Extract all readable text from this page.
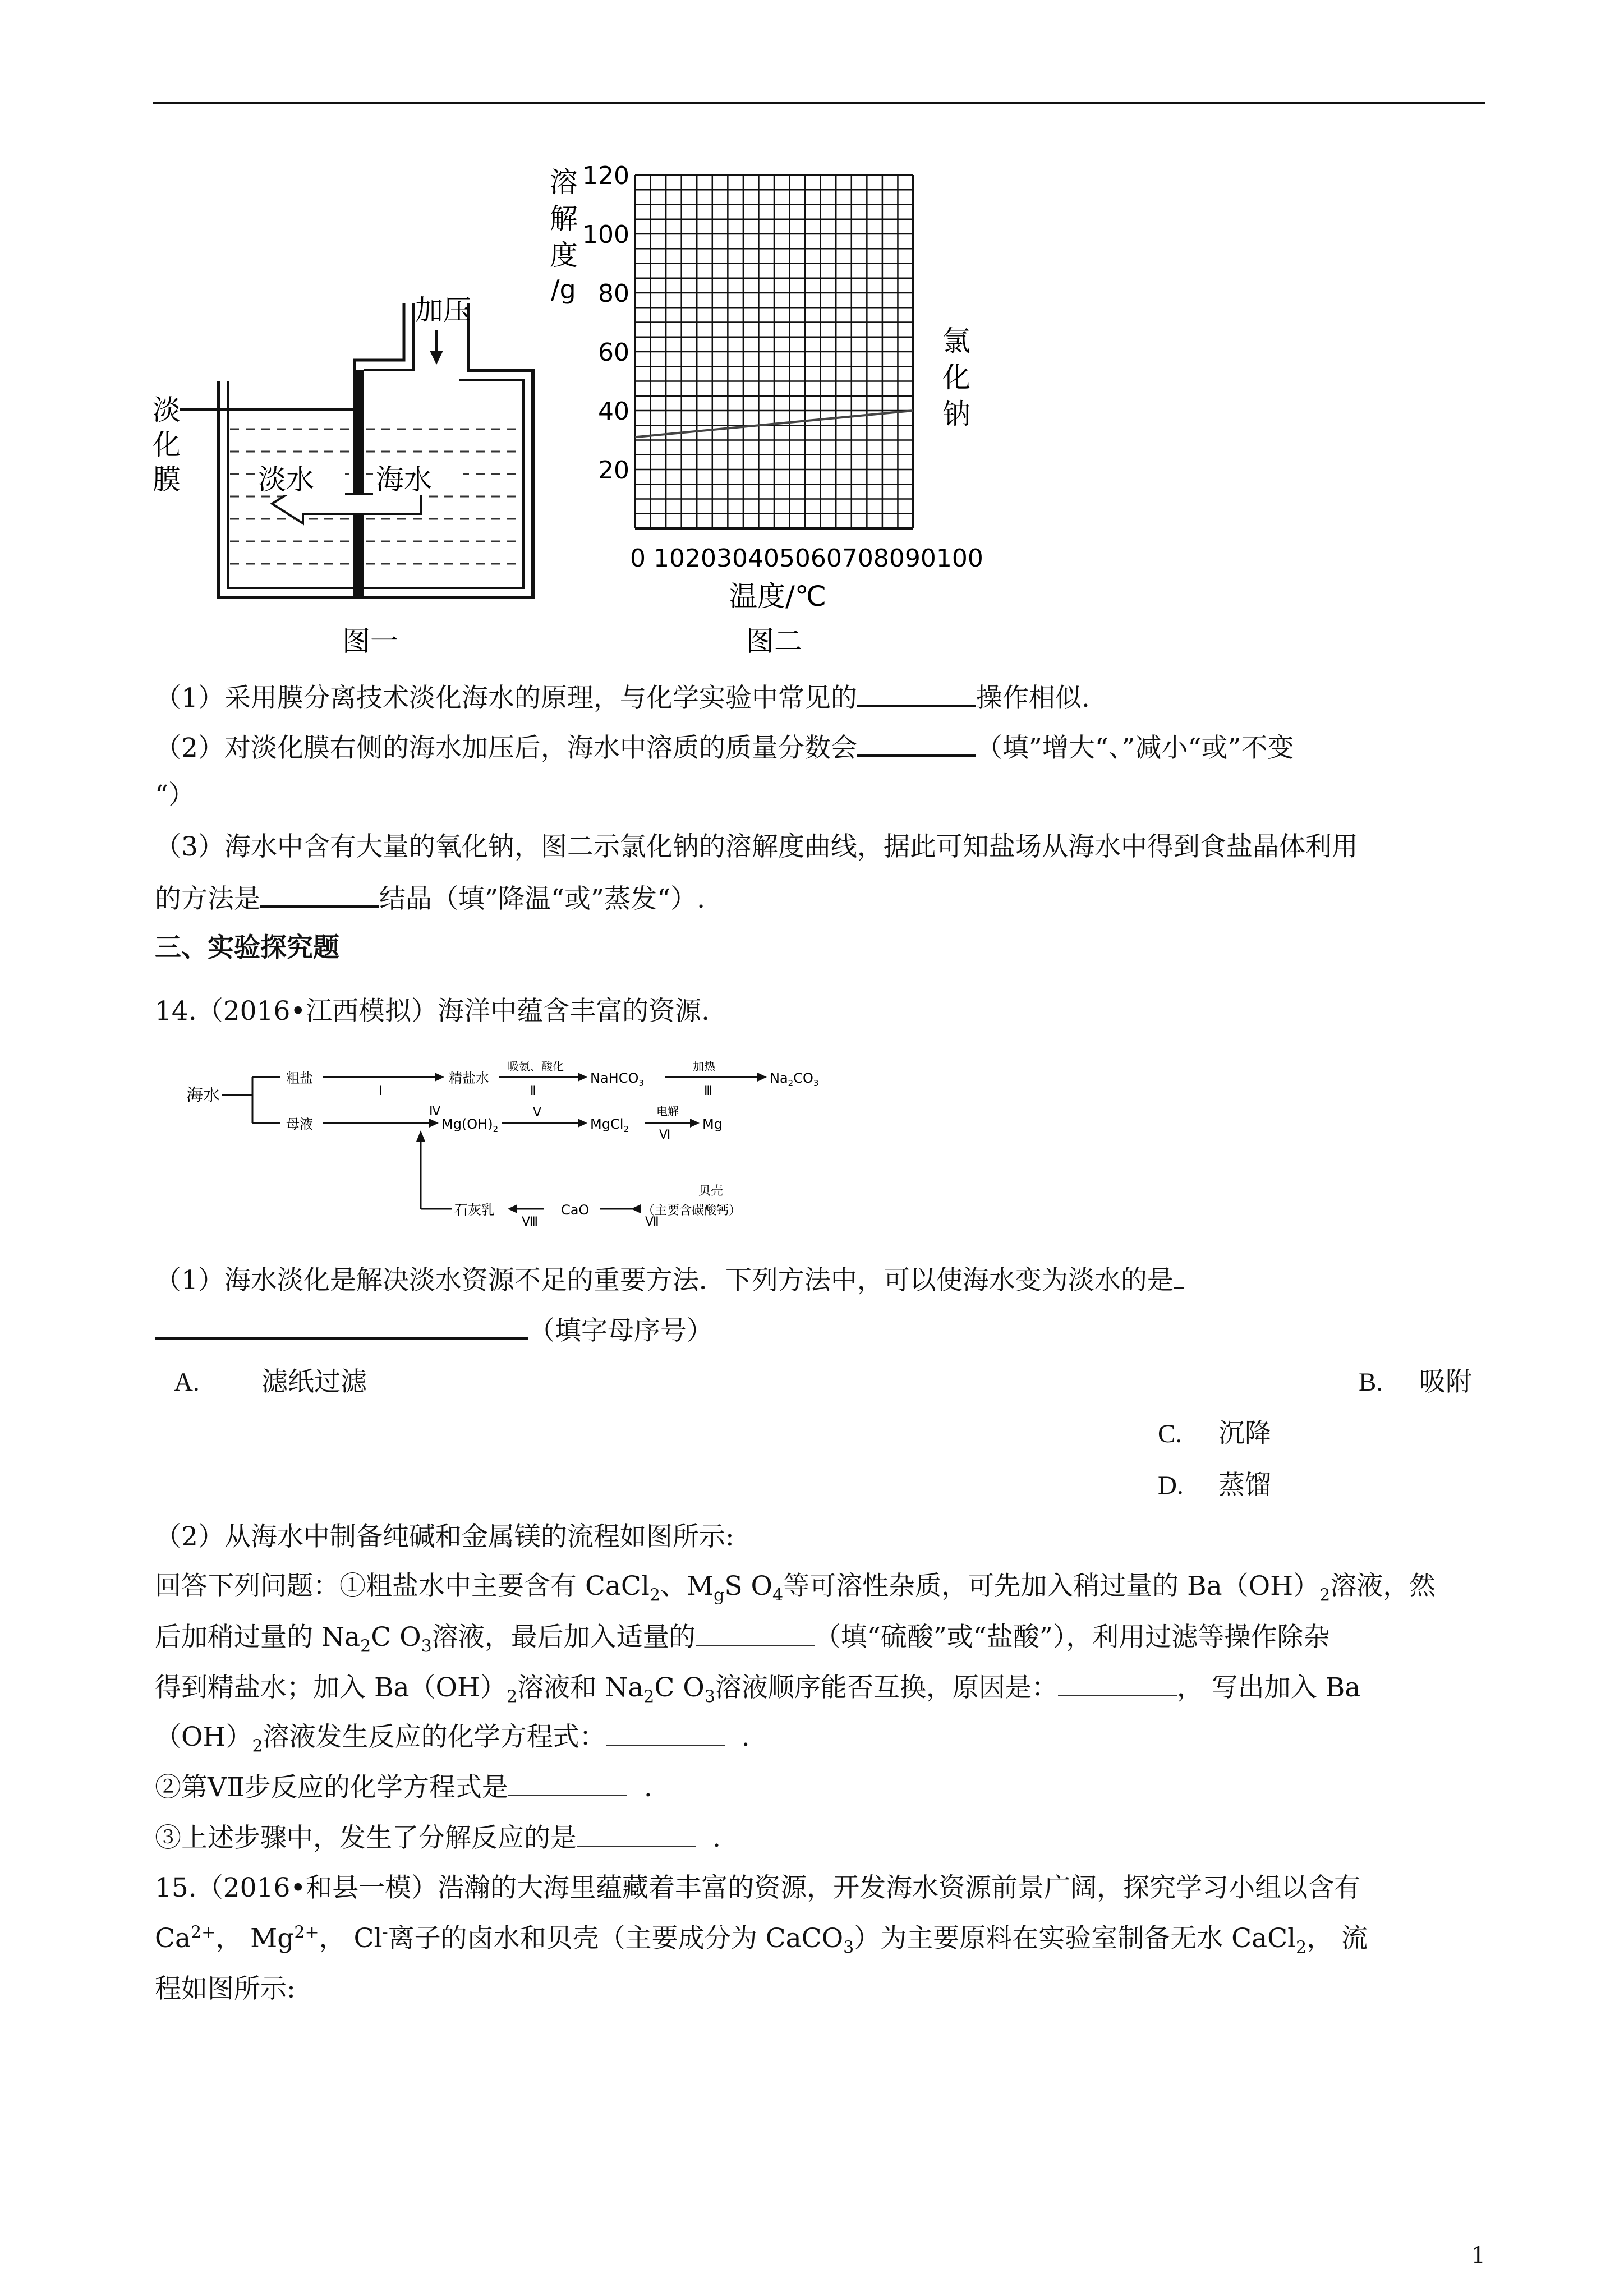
淡水 海水
加压
淡
化
膜
图一
120
100
80
60
40
20
溶
解
度
/g
氯
化
钠
0 102030405060708090100
温度/℃
图二
（1）采用膜分离技术淡化海水的原理，与化学实验中常见的	操作相似.
（2）对淡化膜右侧的海水加压后，海水中溶质的质量分数会	（填”增大“、”减小“或”不变
“）
（3）海水中含有大量的氧化钠，图二示氯化钠的溶解度曲线，据此可知盐场从海水中得到食盐晶体利用
的方法是	结晶（填”降温“或”蒸发“）.
三、实验探究题
14.（2016•江西模拟）海洋中蕴含丰富的资源.
海水
粗盐	精盐水
吸氨、酸化
NaHCO$_3$
加热
$Na_2CO_3$
Ⅰ	Ⅱ	Ⅲ
母液
Ⅳ
$Mg(OH)_2$
Ⅴ
MgCl$_2$
电解
Ⅵ
Mg
石灰乳
Ⅷ
CaO
Ⅶ
贝壳
（主要含碳酸钙）
（1）海水淡化是解决淡水资源不足的重要方法．下列方法中，可以使海水变为淡水的是
（填字母序号）
A. 滤纸过滤	B. 吸附
C. 沉降
D. 蒸馏
（2）从海水中制备纯碱和金属镁的流程如图所示:
回答下列问题：①粗盐水中主要含有 CaCl$_2$、$M_gS$ $O_4$等可溶性杂质，可先加入稍过量的 $Ba(OH)_2$溶液，然
后加稍过量的 $Na_2C$ $O_3$溶液，最后加入适量的	（填“硫酸”或“盐酸”），利用过滤等操作除杂
得到精盐水；加入 $Ba(OH)_2$溶液和 $Na_2C$ $O_3$溶液顺序能否互换，原因是：	， 写出加入 Ba
$(OH)_2$溶液发生反应的化学方程式：	.
②第VⅡ步反应的化学方程式是	.
③上述步骤中，发生了分解反应的是	.
15.（2016•和县一模）浩瀚的大海里蕴藏着丰富的资源，开发海水资源前景广阔，探究学习小组以含有
$Ca^{2+}$， $Mg^{2+}$， Cl-离子的卤水和贝壳（主要成分为 CaCO$_3$）为主要原料在实验室制备无水 CaCl$_2$， 流
程如图所示:
1
